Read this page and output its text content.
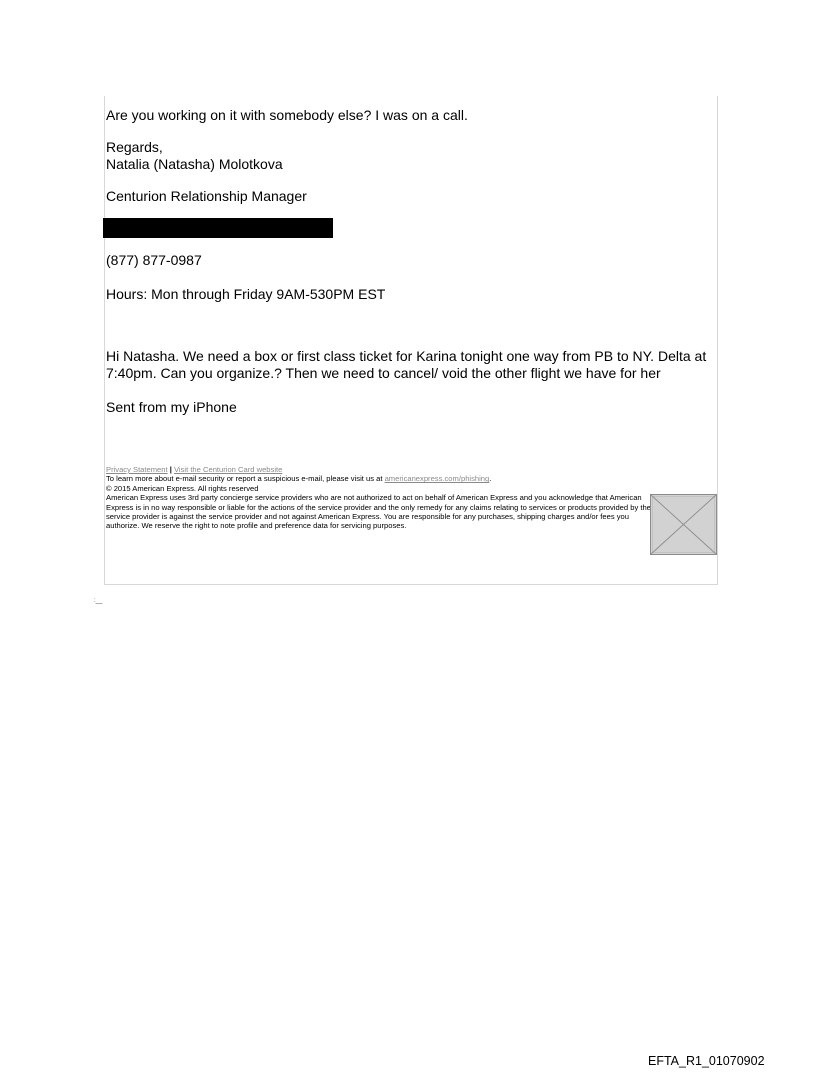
Are you working on it with somebody else? I was on a call.

Regards,

Natalia (Natasha) Molotkova

Centurion Relationship Manager

(877) 877-0987

Hours: Mon through Friday 9AM-530PM EST

Hi Natasha. We need a box or first class ticket for Karina tonight one way from PB to NY. Delta at 7:40pm. Can you organize.? Then we need to cancel/ void the other flight we have for her

Sent from my iPhone

Privacy Statement | Visit the Centurion Card website
To learn more about e-mail security or report a suspicious e-mail, please visit us at americanexpress.com/phishing.
© 2015 American Express. All rights reserved
American Express uses 3rd party concierge service providers who are not authorized to act on behalf of American Express and you acknowledge that American Express is in no way responsible or liable for the actions of the service provider and the only remedy for any claims relating to services or products provided by the service provider is against the service provider and not against American Express. You are responsible for any purchases, shipping charges and/or fees you authorize. We reserve the right to note profile and preference data for servicing purposes.
:__
EFTA_R1_01070902
